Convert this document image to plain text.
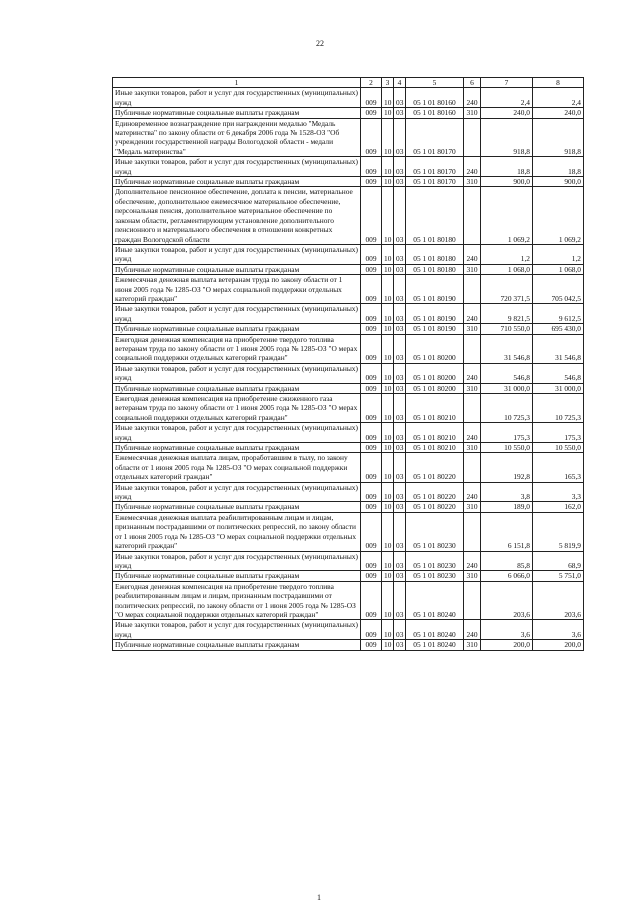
22
1	2	3	4	5	6	7	8
Иные закупки товаров, работ и услуг для государственных (муниципальных) нужд	009	10	03	05 1 01 80160	240	2,4	2,4
Публичные нормативные социальные выплаты гражданам	009	10	03	05 1 01 80160	310	240,0	240,0
Единовременное вознаграждение при награждении медалью "Медаль материнства" по закону области от 6 декабря 2006 года № 1528-ОЗ "Об учреждении государственной награды Вологодской области - медали "Медаль материнства"	009	10	03	05 1 01 80170		918,8	918,8
Иные закупки товаров, работ и услуг для государственных (муниципальных) нужд	009	10	03	05 1 01 80170	240	18,8	18,8
Публичные нормативные социальные выплаты гражданам	009	10	03	05 1 01 80170	310	900,0	900,0
Дополнительное пенсионное обеспечение, доплата к пенсии, материальное обеспечение, дополнительное ежемесячное материальное обеспечение, персональная пенсия, дополнительное материальное обеспечение по законам области, регламентирующим установление дополнительного пенсионного и материального обеспечения в отношении конкретных граждан Вологодской области	009	10	03	05 1 01 80180		1 069,2	1 069,2
Иные закупки товаров, работ и услуг для государственных (муниципальных) нужд	009	10	03	05 1 01 80180	240	1,2	1,2
Публичные нормативные социальные выплаты гражданам	009	10	03	05 1 01 80180	310	1 068,0	1 068,0
Ежемесячная денежная выплата ветеранам труда по закону области от 1 июня 2005 года № 1285-ОЗ "О мерах социальной поддержки отдельных категорий граждан"	009	10	03	05 1 01 80190		720 371,5	705 042,5
Иные закупки товаров, работ и услуг для государственных (муниципальных) нужд	009	10	03	05 1 01 80190	240	9 821,5	9 612,5
Публичные нормативные социальные выплаты гражданам	009	10	03	05 1 01 80190	310	710 550,0	695 430,0
Ежегодная денежная компенсация на приобретение твердого топлива ветеранам труда по закону области от 1 июня 2005 года № 1285-ОЗ "О мерах социальной поддержки отдельных категорий граждан"	009	10	03	05 1 01 80200		31 546,8	31 546,8
Иные закупки товаров, работ и услуг для государственных (муниципальных) нужд	009	10	03	05 1 01 80200	240	546,8	546,8
Публичные нормативные социальные выплаты гражданам	009	10	03	05 1 01 80200	310	31 000,0	31 000,0
Ежегодная денежная компенсация на приобретение сжиженного газа ветеранам труда по закону области от 1 июня 2005 года № 1285-ОЗ "О мерах социальной поддержки отдельных категорий граждан"	009	10	03	05 1 01 80210		10 725,3	10 725,3
Иные закупки товаров, работ и услуг для государственных (муниципальных) нужд	009	10	03	05 1 01 80210	240	175,3	175,3
Публичные нормативные социальные выплаты гражданам	009	10	03	05 1 01 80210	310	10 550,0	10 550,0
Ежемесячная денежная выплата лицам, проработавшим в тылу, по закону области от 1 июня 2005 года № 1285-ОЗ "О мерах социальной поддержки отдельных категорий граждан"	009	10	03	05 1 01 80220		192,8	165,3
Иные закупки товаров, работ и услуг для государственных (муниципальных) нужд	009	10	03	05 1 01 80220	240	3,8	3,3
Публичные нормативные социальные выплаты гражданам	009	10	03	05 1 01 80220	310	189,0	162,0
Ежемесячная денежная выплата реабилитированным лицам и лицам, признанным пострадавшими от политических репрессий, по закону области от 1 июня 2005 года № 1285-ОЗ "О мерах социальной поддержки отдельных категорий граждан"	009	10	03	05 1 01 80230		6 151,8	5 819,9
Иные закупки товаров, работ и услуг для государственных (муниципальных) нужд	009	10	03	05 1 01 80230	240	85,8	68,9
Публичные нормативные социальные выплаты гражданам	009	10	03	05 1 01 80230	310	6 066,0	5 751,0
Ежегодная денежная компенсация на приобретение твердого топлива реабилитированным лицам и лицам, признанным пострадавшими от политических репрессий, по закону области от 1 июня 2005 года № 1285-ОЗ "О мерах социальной поддержки отдельных категорий граждан"	009	10	03	05 1 01 80240		203,6	203,6
Иные закупки товаров, работ и услуг для государственных (муниципальных) нужд	009	10	03	05 1 01 80240	240	3,6	3,6
Публичные нормативные социальные выплаты гражданам	009	10	03	05 1 01 80240	310	200,0	200,0
1
